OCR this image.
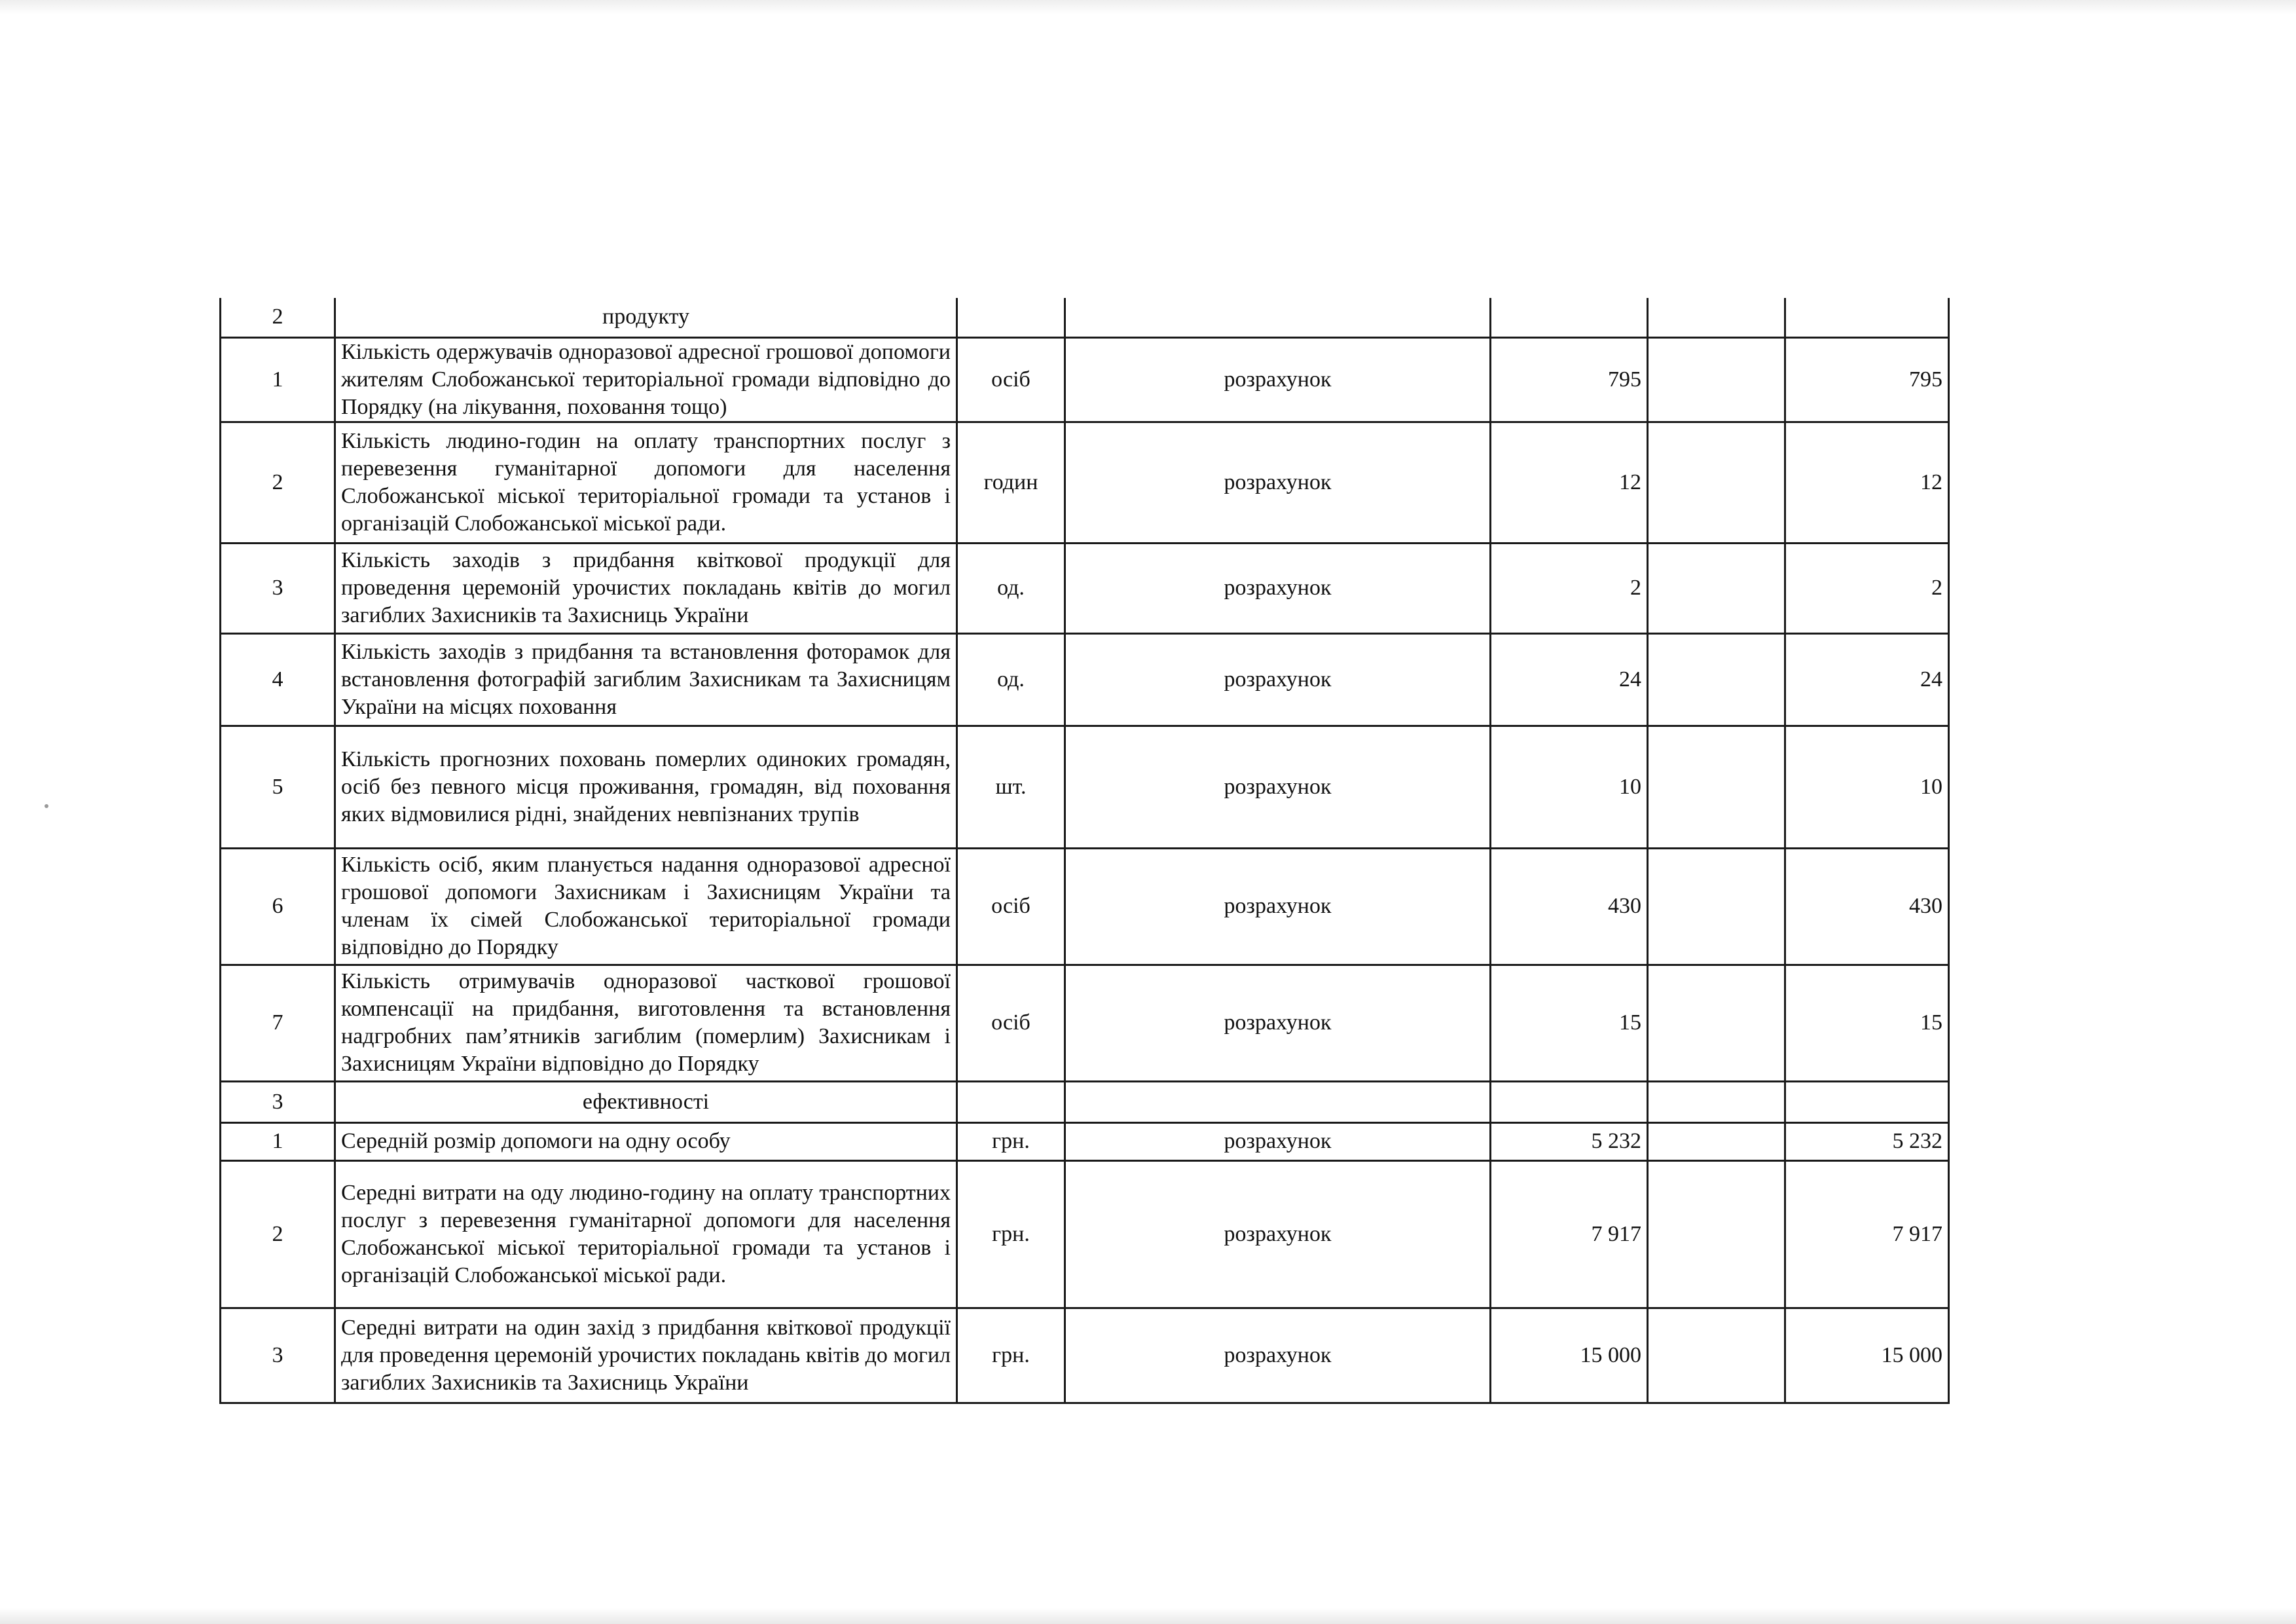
2	продукту					
1	Кількість одержувачів одноразової адресної грошової допомоги жителям Слобожанської територіальної громади відповідно до Порядку (на лікування, поховання тощо)	осіб	розрахунок	795		795
2	Кількість людино-годин на оплату транспортних послуг з перевезення гуманітарної допомоги для населення Слобожанської міської територіальної громади та установ і організацій Слобожанської міської ради.	годин	розрахунок	12		12
3	Кількість заходів з придбання квіткової продукції для проведення церемоній урочистих покладань квітів до могил загиблих Захисників та Захисниць України	од.	розрахунок	2		2
4	Кількість заходів з придбання та встановлення фоторамок для встановлення фотографій загиблим Захисникам та Захисницям України на місцях поховання	од.	розрахунок	24		24
5	Кількість прогнозних поховань померлих одиноких громадян, осіб без певного місця проживання, громадян, від поховання яких відмовилися рідні, знайдених невпізнаних трупів	шт.	розрахунок	10		10
6	Кількість осіб, яким планується надання одноразової адресної грошової допомоги Захисникам і Захисницям України та членам їх сімей Слобожанської територіальної громади відповідно до Порядку	осіб	розрахунок	430		430
7	Кількість отримувачів одноразової часткової грошової компенсації на придбання, виготовлення та встановлення надгробних пам’ятників загиблим (померлим) Захисникам і Захисницям України відповідно до Порядку	осіб	розрахунок	15		15
3	ефективності					
1	Середній розмір допомоги на одну особу	грн.	розрахунок	5 232		5 232
2	Середні витрати на оду людино-годину на оплату транспортних послуг з перевезення гуманітарної допомоги для населення Слобожанської міської територіальної громади та установ і організацій Слобожанської міської ради.	грн.	розрахунок	7 917		7 917
3	Середні витрати на один захід з придбання квіткової продукції для проведення церемоній урочистих покладань квітів до могил загиблих Захисників та Захисниць України	грн.	розрахунок	15 000		15 000
